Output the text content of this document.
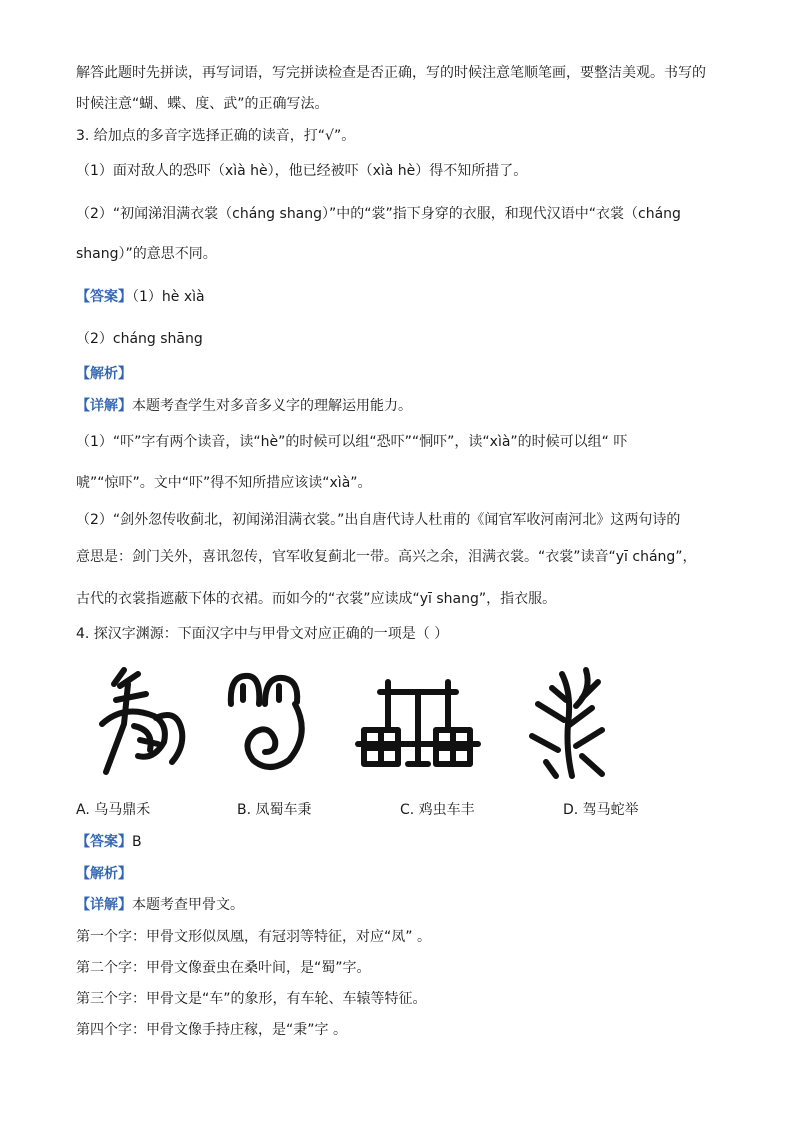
解答此题时先拼读，再写词语，写完拼读检查是否正确，写的时候注意笔顺笔画，要整洁美观。书写的
时候注意“蝴、蝶、度、武”的正确写法。
3. 给加点的多音字选择正确的读音，打“√”。
（1）面对敌人的恐吓（xìà hè），他已经被吓（xìà hè）得不知所措了。
（2）“初闻涕泪满衣裳（cháng shang）”中的“裳”指下身穿的衣服，和现代汉语中“衣裳（cháng
shang）”的意思不同。
【答案】（1）hè xìà
（2）cháng shāng
【解析】
【详解】本题考查学生对多音多义字的理解运用能力。
（1）“吓”字有两个读音，读“hè”的时候可以组“恐吓”“恫吓”，读“xìà”的时候可以组“ 吓
唬”“惊吓”。文中“吓”得不知所措应该读“xìà”。
（2）“剑外忽传收蓟北，初闻涕泪满衣裳。”出自唐代诗人杜甫的《闻官军收河南河北》这两句诗的
意思是：剑门关外，喜讯忽传，官军收复蓟北一带。高兴之余，泪满衣裳。“衣裳”读音“yī cháng”，
古代的衣裳指遮蔽下体的衣裙。而如今的“衣裳”应读成“yī shang”，指衣服。
4. 探汉字渊源：下面汉字中与甲骨文对应正确的一项是（ ）
A. 乌马鼎禾	B. 凤蜀车秉	C. 鸡虫车丰	D. 驾马蛇举
【答案】B
【解析】
【详解】本题考查甲骨文。
第一个字：甲骨文形似凤凰，有冠羽等特征，对应“凤” 。
第二个字：甲骨文像蚕虫在桑叶间，是“蜀”字。
第三个字：甲骨文是“车”的象形，有车轮、车辕等特征。
第四个字：甲骨文像手持庄稼，是“秉”字 。
